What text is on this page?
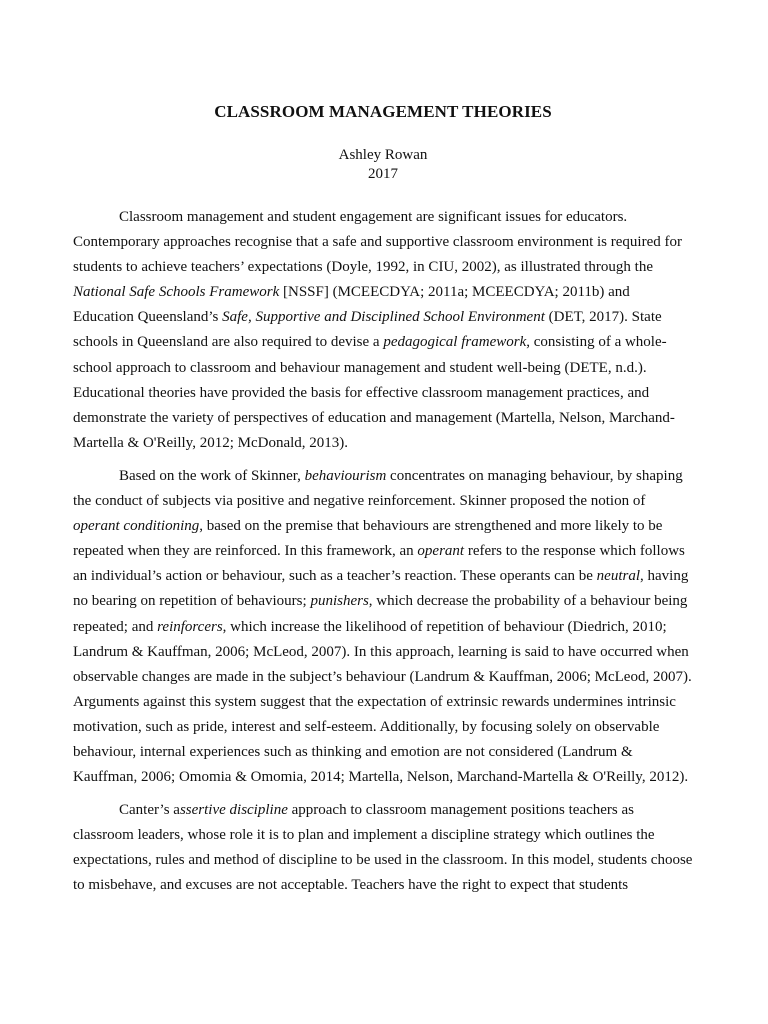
CLASSROOM MANAGEMENT THEORIES
Ashley Rowan
2017

Classroom management and student engagement are significant issues for educators. Contemporary approaches recognise that a safe and supportive classroom environment is required for students to achieve teachers’ expectations (Doyle, 1992, in CIU, 2002), as illustrated through the National Safe Schools Framework [NSSF] (MCEECDYA; 2011a; MCEECDYA; 2011b) and Education Queensland’s Safe, Supportive and Disciplined School Environment (DET, 2017). State schools in Queensland are also required to devise a pedagogical framework, consisting of a whole-school approach to classroom and behaviour management and student well-being (DETE, n.d.). Educational theories have provided the basis for effective classroom management practices, and demonstrate the variety of perspectives of education and management (Martella, Nelson, Marchand-Martella & O'Reilly, 2012; McDonald, 2013).

Based on the work of Skinner, behaviourism concentrates on managing behaviour, by shaping the conduct of subjects via positive and negative reinforcement. Skinner proposed the notion of operant conditioning, based on the premise that behaviours are strengthened and more likely to be repeated when they are reinforced. In this framework, an operant refers to the response which follows an individual’s action or behaviour, such as a teacher’s reaction. These operants can be neutral, having no bearing on repetition of behaviours; punishers, which decrease the probability of a behaviour being repeated; and reinforcers, which increase the likelihood of repetition of behaviour (Diedrich, 2010; Landrum & Kauffman, 2006; McLeod, 2007). In this approach, learning is said to have occurred when observable changes are made in the subject’s behaviour (Landrum & Kauffman, 2006; McLeod, 2007). Arguments against this system suggest that the expectation of extrinsic rewards undermines intrinsic motivation, such as pride, interest and self-esteem. Additionally, by focusing solely on observable behaviour, internal experiences such as thinking and emotion are not considered (Landrum & Kauffman, 2006; Omomia & Omomia, 2014; Martella, Nelson, Marchand-Martella & O'Reilly, 2012).

Canter’s assertive discipline approach to classroom management positions teachers as classroom leaders, whose role it is to plan and implement a discipline strategy which outlines the expectations, rules and method of discipline to be used in the classroom. In this model, students choose to misbehave, and excuses are not acceptable. Teachers have the right to expect that students
